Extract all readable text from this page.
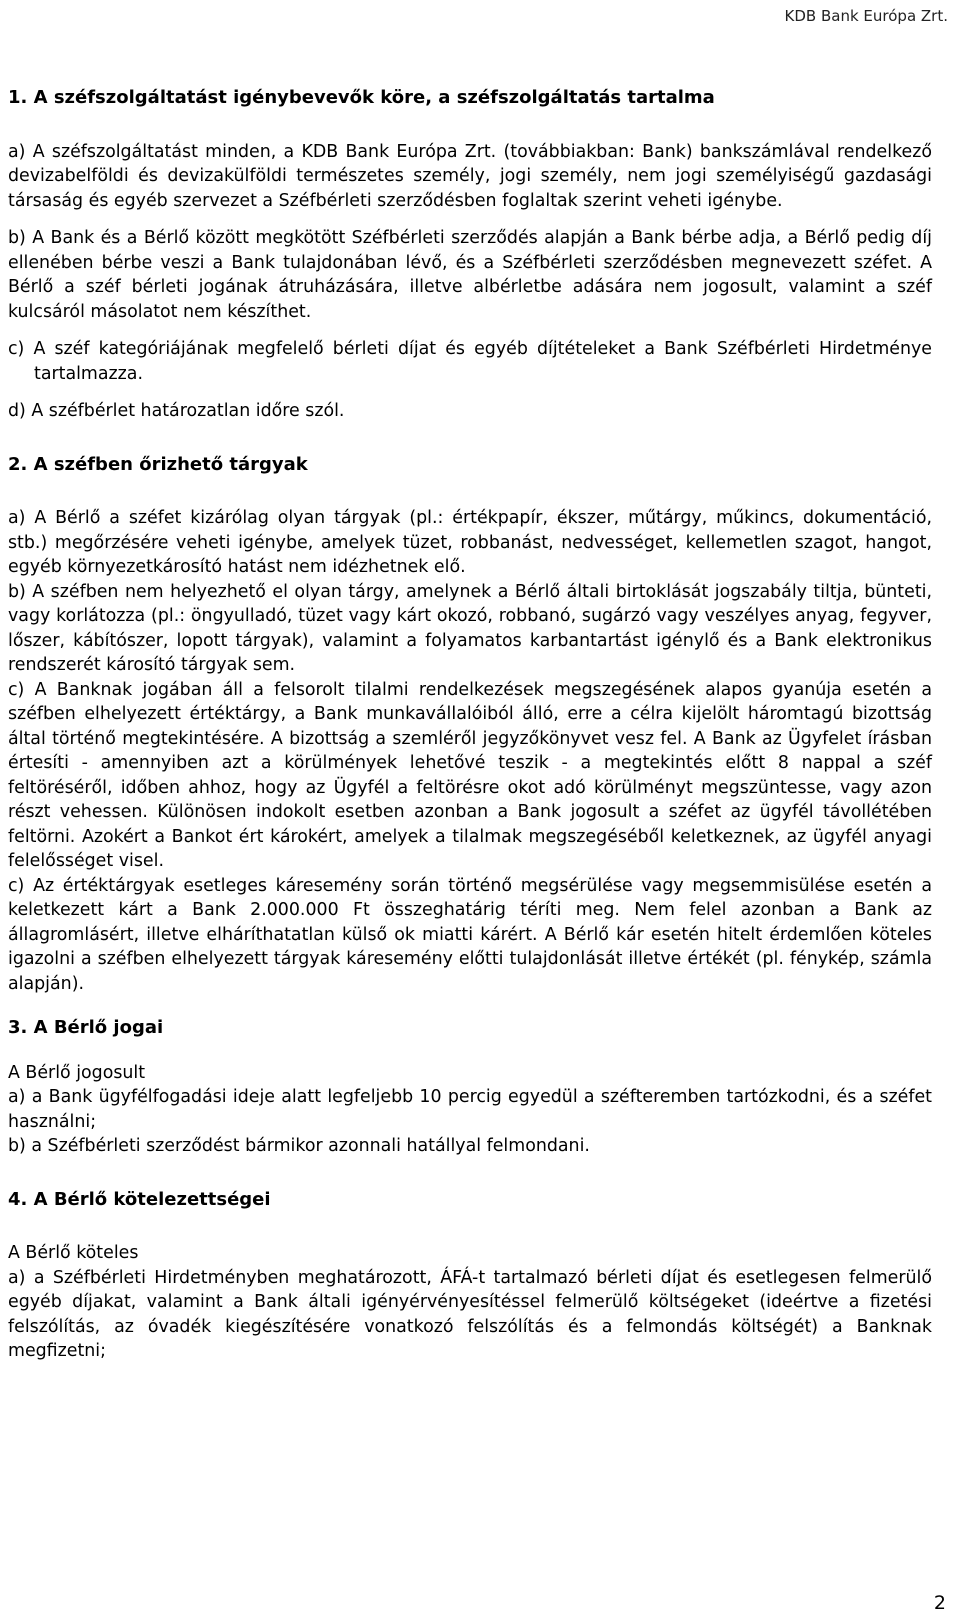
KDB Bank Európa Zrt.

1. A széfszolgáltatást igénybevevők köre, a széfszolgáltatás tartalma

a) A széfszolgáltatást minden, a KDB Bank Európa Zrt. (továbbiakban: Bank) bankszámlával rendelkező devizabelföldi és devizakülföldi természetes személy, jogi személy, nem jogi személyiségű gazdasági társaság és egyéb szervezet a Széfbérleti szerződésben foglaltak szerint veheti igénybe.

b) A Bank és a Bérlő között megkötött Széfbérleti szerződés alapján a Bank bérbe adja, a Bérlő pedig díj ellenében bérbe veszi a Bank tulajdonában lévő, és a Széfbérleti szerződésben megnevezett széfet. A Bérlő a széf bérleti jogának átruházására, illetve albérletbe adására nem jogosult, valamint a széf kulcsáról másolatot nem készíthet.

c) A széf kategóriájának megfelelő bérleti díjat és egyéb díjtételeket a Bank Széfbérleti Hirdetménye tartalmazza.

d) A széfbérlet határozatlan időre szól.

2. A széfben őrizhető tárgyak

a) A Bérlő a széfet kizárólag olyan tárgyak (pl.: értékpapír, ékszer, műtárgy, műkincs, dokumentáció, stb.) megőrzésére veheti igénybe, amelyek tüzet, robbanást, nedvességet, kellemetlen szagot, hangot, egyéb környezetkárosító hatást nem idézhetnek elő.

b) A széfben nem helyezhető el olyan tárgy, amelynek a Bérlő általi birtoklását jogszabály tiltja, bünteti, vagy korlátozza (pl.: öngyulladó, tüzet vagy kárt okozó, robbanó, sugárzó vagy veszélyes anyag, fegyver, lőszer, kábítószer, lopott tárgyak), valamint a folyamatos karbantartást igénylő és a Bank elektronikus rendszerét károsító tárgyak sem.

c) A Banknak jogában áll a felsorolt tilalmi rendelkezések megszegésének alapos gyanúja esetén a széfben elhelyezett értéktárgy, a Bank munkavállalóiból álló, erre a célra kijelölt háromtagú bizottság által történő megtekintésére. A bizottság a szemléről jegyzőkönyvet vesz fel. A Bank az Ügyfelet írásban értesíti - amennyiben azt a körülmények lehetővé teszik - a megtekintés előtt 8 nappal a széf feltöréséről, időben ahhoz, hogy az Ügyfél a feltörésre okot adó körülményt megszüntesse, vagy azon részt vehessen. Különösen indokolt esetben azonban a Bank jogosult a széfet az ügyfél távollétében feltörni. Azokért a Bankot ért károkért, amelyek a tilalmak megszegéséből keletkeznek, az ügyfél anyagi felelősséget visel.

c) Az értéktárgyak esetleges káresemény során történő megsérülése vagy megsemmisülése esetén a keletkezett kárt a Bank 2.000.000 Ft összeghatárig téríti meg. Nem felel azonban a Bank az állagromlásért, illetve elháríthatatlan külső ok miatti kárért. A Bérlő kár esetén hitelt érdemlően köteles igazolni a széfben elhelyezett tárgyak káresemény előtti tulajdonlását illetve értékét (pl. fénykép, számla alapján).

3. A Bérlő jogai

A Bérlő jogosult

a) a Bank ügyfélfogadási ideje alatt legfeljebb 10 percig egyedül a széfteremben tartózkodni, és a széfet használni;

b) a Széfbérleti szerződést bármikor azonnali hatállyal felmondani.

4. A Bérlő kötelezettségei

A Bérlő köteles

a) a Széfbérleti Hirdetményben meghatározott, ÁFÁ-t tartalmazó bérleti díjat és esetlegesen felmerülő egyéb díjakat, valamint a Bank általi igényérvényesítéssel felmerülő költségeket (ideértve a fizetési felszólítás, az óvadék kiegészítésére vonatkozó felszólítás és a felmondás költségét) a Banknak megfizetni;

2
